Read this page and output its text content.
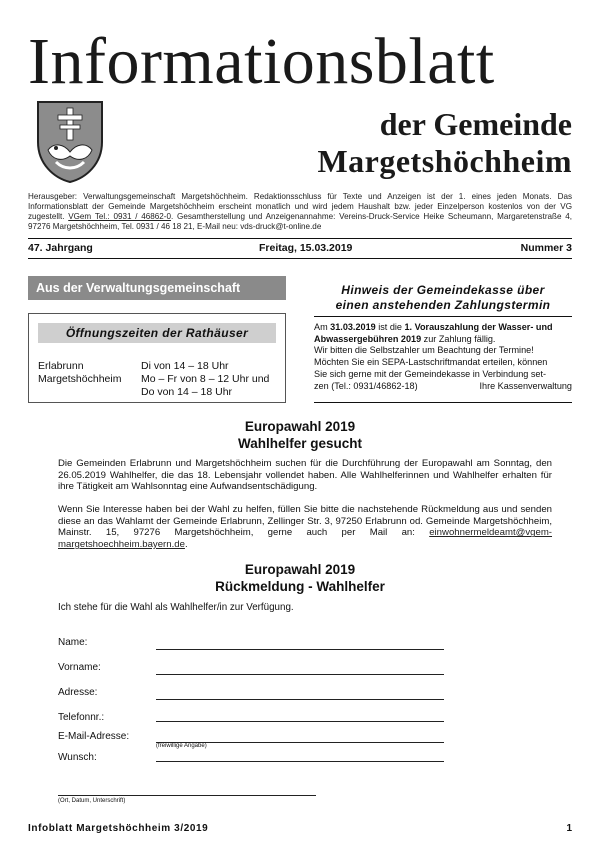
Informationsblatt
der Gemeinde
Margetshöchheim
Herausgeber: Verwaltungsgemeinschaft Margetshöchheim. Redaktionsschluss für Texte und Anzeigen ist der 1. eines jeden Monats. Das Informationsblatt der Gemeinde Margetshöchheim erscheint monatlich und wird jedem Haushalt bzw. jeder Einzelperson kostenlos von der VG zugestellt. VGem Tel.: 0931 / 46862-0. Gesamtherstellung und Anzeigenannahme: Vereins-Druck-Service Heike Scheumann, Margaretenstraße 4, 97276 Margetshöchheim, Tel. 0931 / 46 18 21, E-Mail neu: vds-druck@t-online.de
47. Jahrgang	Freitag, 15.03.2019	Nummer 3
Aus der Verwaltungsgemeinschaft
Öffnungszeiten der Rathäuser
Erlabrunn	Di von 14 – 18 Uhr
Margetshöchheim Mo – Fr von 8 – 12 Uhr und
Do von 14 – 18 Uhr
Hinweis der Gemeindekasse über
einen anstehenden Zahlungstermin
Am 31.03.2019 ist die 1. Vorauszahlung der Wasser- und
Abwassergebühren 2019 zur Zahlung fällig.
Wir bitten die Selbstzahler um Beachtung der Termine!
Möchten Sie ein SEPA-Lastschriftmandat erteilen, können
Sie sich gerne mit der Gemeindekasse in Verbindung set-
zen (Tel.: 0931/46862-18)	Ihre Kassenverwaltung
Europawahl 2019
Wahlhelfer gesucht
Die Gemeinden Erlabrunn und Margetshöchheim suchen für die Durchführung der Europawahl am Sonntag, den 26.05.2019 Wahlhelfer, die das 18. Lebensjahr vollendet haben. Alle Wahlhelferinnen und Wahlhelfer erhalten für ihre Tätigkeit am Wahlsonntag eine Aufwandsentschädigung.
Wenn Sie Interesse haben bei der Wahl zu helfen, füllen Sie bitte die nachstehende Rückmeldung aus und senden diese an das Wahlamt der Gemeinde Erlabrunn, Zellinger Str. 3, 97250 Erlabrunn od. Gemeinde Margetshöchheim, Mainstr. 15, 97276 Margetshöchheim, gerne auch per Mail an: einwohnermeldeamt@vgem-margetshoechheim.bayern.de.
Europawahl 2019
Rückmeldung - Wahlhelfer
Ich stehe für die Wahl als Wahlhelfer/in zur Verfügung.
Name:
Vorname:
Adresse:
Telefonnr.:
E-Mail-Adresse:
(freiwillige Angabe)
Wunsch:
(Ort, Datum, Unterschrift)
Infoblatt Margetshöchheim 3/2019	1
